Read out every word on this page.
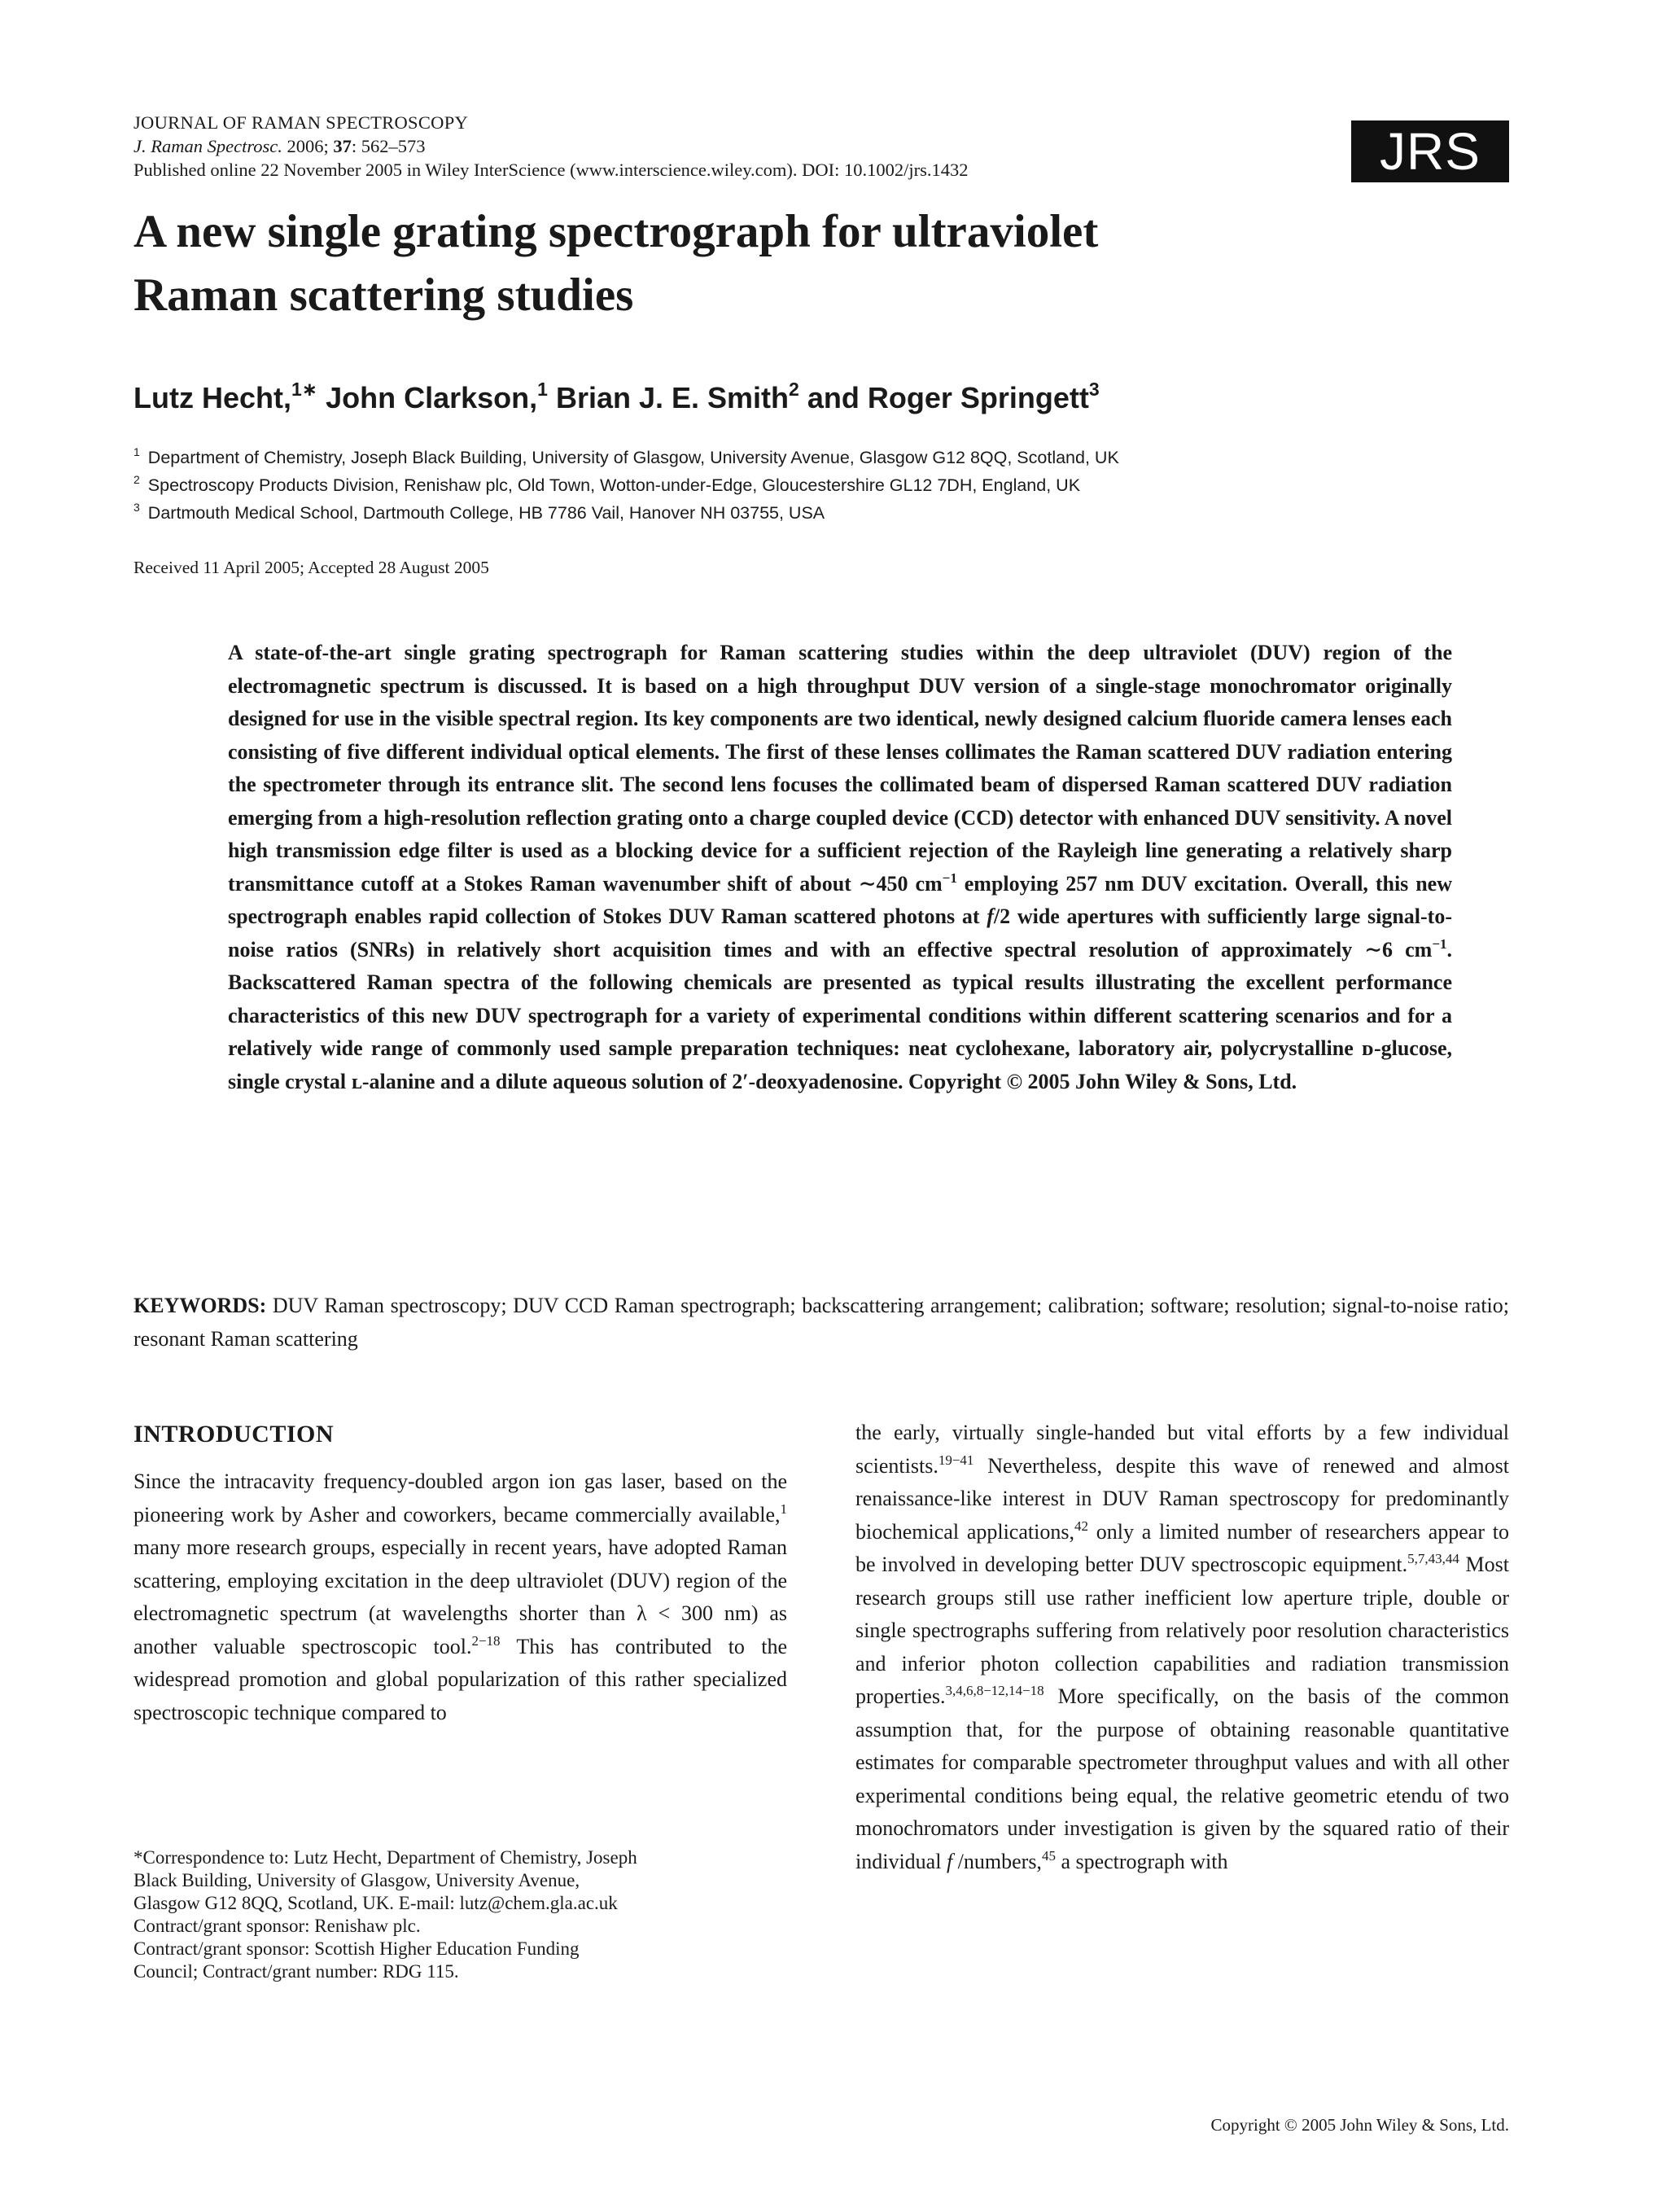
JOURNAL OF RAMAN SPECTROSCOPY
J. Raman Spectrosc. 2006; 37: 562–573
Published online 22 November 2005 in Wiley InterScience (www.interscience.wiley.com). DOI: 10.1002/jrs.1432	JRS
A new single grating spectrograph for ultraviolet
Raman scattering studies
Lutz Hecht,$^{1∗}$ John Clarkson,$^1$ Brian J. E. Smith$^2$ and Roger Springett$^3$
$^1$ Department of Chemistry, Joseph Black Building, University of Glasgow, University Avenue, Glasgow G12 8QQ, Scotland, UK
$^2$ Spectroscopy Products Division, Renishaw plc, Old Town, Wotton-under-Edge, Gloucestershire GL12 7DH, England, UK
$^3$ Dartmouth Medical School, Dartmouth College, HB 7786 Vail, Hanover NH 03755, USA
Received 11 April 2005; Accepted 28 August 2005
A state-of-the-art single grating spectrograph for Raman scattering studies within the deep ultraviolet (DUV) region of the electromagnetic spectrum is discussed. It is based on a high throughput DUV version of a single-stage monochromator originally designed for use in the visible spectral region. Its key components are two identical, newly designed calcium fluoride camera lenses each consisting of five different individual optical elements. The first of these lenses collimates the Raman scattered DUV radiation entering the spectrometer through its entrance slit. The second lens focuses the collimated beam of dispersed Raman scattered DUV radiation emerging from a high-resolution reflection grating onto a charge coupled device (CCD) detector with enhanced DUV sensitivity. A novel high transmission edge filter is used as a blocking device for a sufficient rejection of the Rayleigh line generating a relatively sharp transmittance cutoff at a Stokes Raman wavenumber shift of about ∼450 $cm^{-1}$ employing 257 nm DUV excitation. Overall, this new spectrograph enables rapid collection of Stokes DUV Raman scattered photons at f/2 wide apertures with sufficiently large signal-to-noise ratios (SNRs) in relatively short acquisition times and with an effective spectral resolution of approximately ∼6 $cm^{-1}$. Backscattered Raman spectra of the following chemicals are presented as typical results illustrating the excellent performance characteristics of this new DUV spectrograph for a variety of experimental conditions within different scattering scenarios and for a relatively wide range of commonly used sample preparation techniques: neat cyclohexane, laboratory air, polycrystalline ᴅ-glucose, single crystal ʟ-alanine and a dilute aqueous solution of 2′-deoxyadenosine. Copyright © 2005 John Wiley & Sons, Ltd.
KEYWORDS: DUV Raman spectroscopy; DUV CCD Raman spectrograph; backscattering arrangement; calibration; software; resolution; signal-to-noise ratio; resonant Raman scattering
INTRODUCTION
Since the intracavity frequency-doubled argon ion gas laser, based on the pioneering work by Asher and coworkers, became commercially available,$^1$ many more research groups, especially in recent years, have adopted Raman scattering, employing excitation in the deep ultraviolet (DUV) region of the electromagnetic spectrum (at wavelengths shorter than λ < 300 nm) as another valuable spectroscopic tool.$^{2-18}$ This has contributed to the widespread promotion and global popularization of this rather specialized spectroscopic technique compared to
the early, virtually single-handed but vital efforts by a few individual scientists.$^{19-41}$ Nevertheless, despite this wave of renewed and almost renaissance-like interest in DUV Raman spectroscopy for predominantly biochemical applications,$^{42}$ only a limited number of researchers appear to be involved in developing better DUV spectroscopic equipment.$^{5,7,43,44}$ Most research groups still use rather inefficient low aperture triple, double or single spectrographs suffering from relatively poor resolution characteristics and inferior photon collection capabilities and radiation transmission properties.$^{3,4,6,8-12,14-18}$ More specifically, on the basis of the common assumption that, for the purpose of obtaining reasonable quantitative estimates for comparable spectrometer throughput values and with all other experimental conditions being equal, the relative geometric etendu of two monochromators under investigation is given by the squared ratio of their individual f /numbers,$^{45}$ a spectrograph with
*Correspondence to: Lutz Hecht, Department of Chemistry, Joseph
Black Building, University of Glasgow, University Avenue,
Glasgow G12 8QQ, Scotland, UK. E-mail: lutz@chem.gla.ac.uk
Contract/grant sponsor: Renishaw plc.
Contract/grant sponsor: Scottish Higher Education Funding
Council; Contract/grant number: RDG 115.
Copyright © 2005 John Wiley & Sons, Ltd.
